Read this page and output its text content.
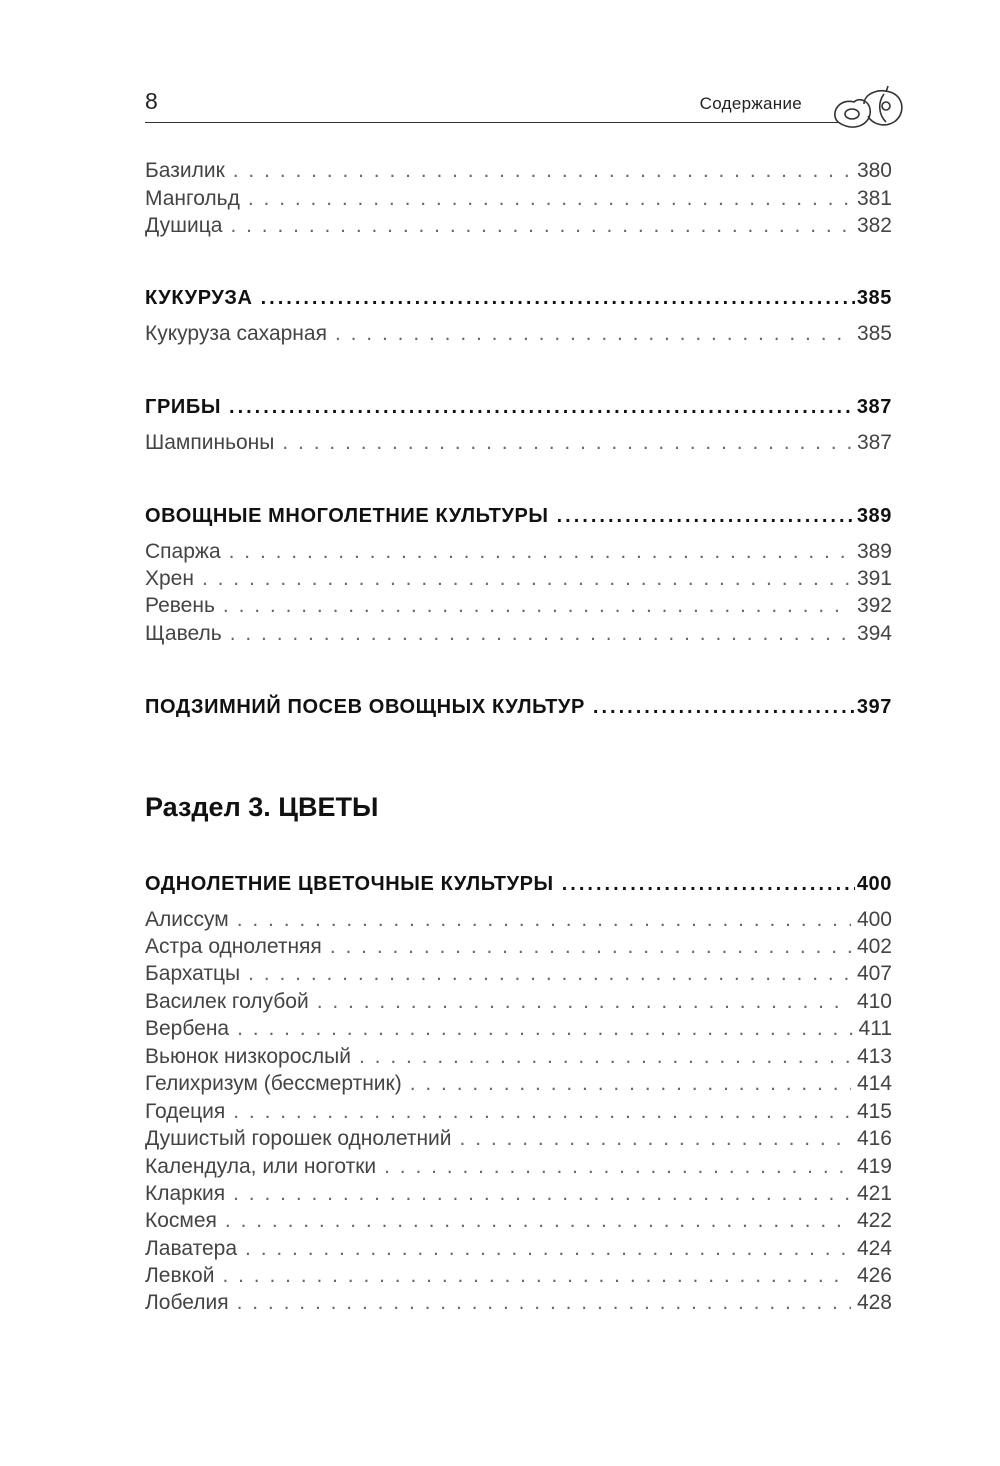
8	Содержание
Базилик . . .	380
Мангольд . . .	381
Душица . . .	382
КУКУРУЗА .....	385
Кукуруза сахарная . . .	385
ГРИБЫ .....	387
Шампиньоны . . .	387
ОВОЩНЫЕ МНОГОЛЕТНИЕ КУЛЬТУРЫ .....	389
Спаржа . . .	389
Хрен . . .	391
Ревень . . .	392
Щавель . . .	394
ПОДЗИМНИЙ ПОСЕВ ОВОЩНЫХ КУЛЬТУР .....	397
ОДНОЛЕТНИЕ ЦВЕТОЧНЫЕ КУЛЬТУРЫ .....	400
Алиссум . . .	400
Астра однолетняя . . .	402
Бархатцы . . .	407
Василек голубой . . .	410
Вербена . . .	411
Вьюнок низкорослый . . .	413
Гелихризум (бессмертник) . . .	414
Годеция . . .	415
Душистый горошек однолетний . . .	416
Календула, или ноготки . . .	419
Кларкия . . .	421
Космея . . .	422
Лаватера . . .	424
Левкой . . .	426
Лобелия . . .	428
Раздел 3. ЦВЕТЫ
